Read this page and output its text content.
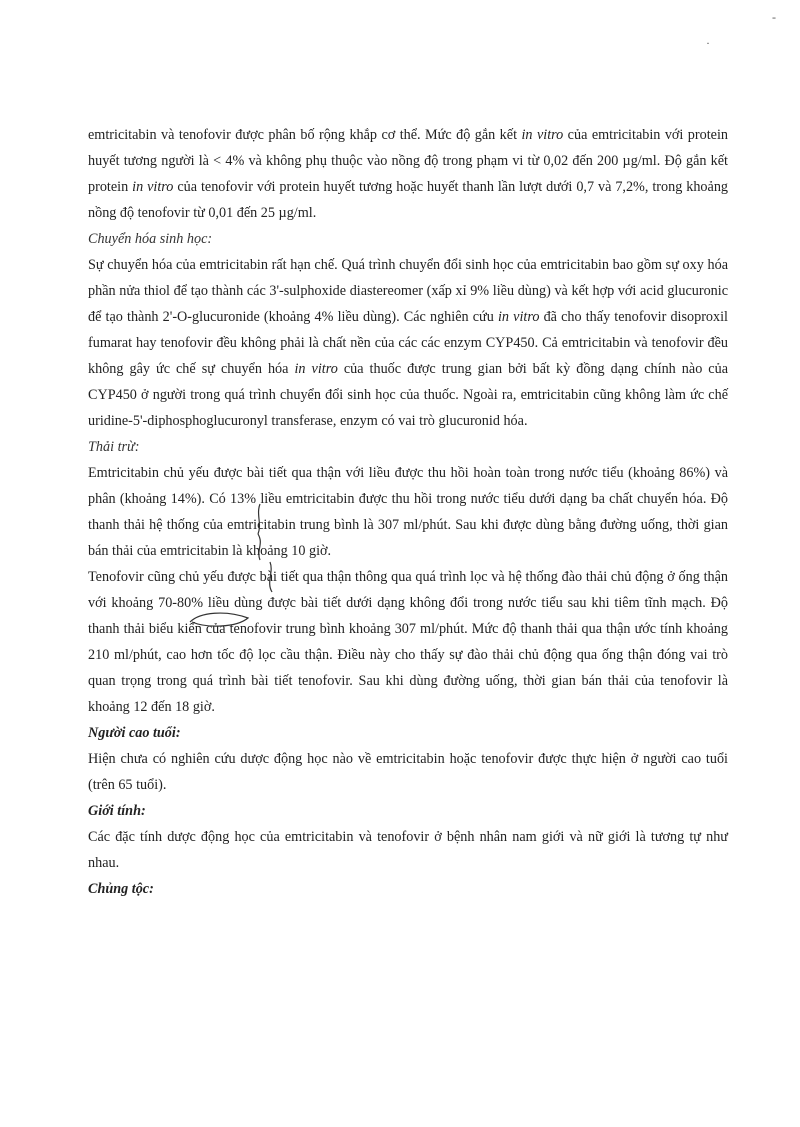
emtricitabin và tenofovir được phân bố rộng khắp cơ thể. Mức độ gắn kết in vitro của emtricitabin với protein huyết tương người là < 4% và không phụ thuộc vào nồng độ trong phạm vi từ 0,02 đến 200 µg/ml. Độ gắn kết protein in vitro của tenofovir với protein huyết tương hoặc huyết thanh lần lượt dưới 0,7 và 7,2%, trong khoảng nồng độ tenofovir từ 0,01 đến 25 µg/ml.

Chuyển hóa sinh học:

Sự chuyển hóa của emtricitabin rất hạn chế. Quá trình chuyển đổi sinh học của emtricitabin bao gồm sự oxy hóa phần nửa thiol để tạo thành các 3'-sulphoxide diastereomer (xấp xỉ 9% liều dùng) và kết hợp với acid glucuronic để tạo thành 2'-O-glucuronide (khoảng 4% liều dùng). Các nghiên cứu in vitro đã cho thấy tenofovir disoproxil fumarat hay tenofovir đều không phải là chất nền của các các enzym CYP450. Cả emtricitabin và tenofovir đều không gây ức chế sự chuyển hóa in vitro của thuốc được trung gian bởi bất kỳ đồng dạng chính nào của CYP450 ở người trong quá trình chuyển đổi sinh học của thuốc. Ngoài ra, emtricitabin cũng không làm ức chế uridine-5'-diphosphoglucuronyl transferase, enzym có vai trò glucuronid hóa.

Thải trừ:

Emtricitabin chủ yếu được bài tiết qua thận với liều được thu hồi hoàn toàn trong nước tiểu (khoảng 86%) và phân (khoảng 14%). Có 13% liều emtricitabin được thu hồi trong nước tiểu dưới dạng ba chất chuyển hóa. Độ thanh thải hệ thống của emtricitabin trung bình là 307 ml/phút. Sau khi được dùng bằng đường uống, thời gian bán thải của emtricitabin là khoảng 10 giờ.

Tenofovir cũng chủ yếu được bài tiết qua thận thông qua quá trình lọc và hệ thống đào thải chủ động ở ống thận với khoảng 70-80% liều dùng được bài tiết dưới dạng không đổi trong nước tiểu sau khi tiêm tĩnh mạch. Độ thanh thải biểu kiến của tenofovir trung bình khoảng 307 ml/phút. Mức độ thanh thải qua thận ước tính khoảng 210 ml/phút, cao hơn tốc độ lọc cầu thận. Điều này cho thấy sự đào thải chủ động qua ống thận đóng vai trò quan trọng trong quá trình bài tiết tenofovir. Sau khi dùng đường uống, thời gian bán thải của tenofovir là khoảng 12 đến 18 giờ.

Người cao tuổi:

Hiện chưa có nghiên cứu dược động học nào về emtricitabin hoặc tenofovir được thực hiện ở người cao tuổi (trên 65 tuổi).

Giới tính:

Các đặc tính dược động học của emtricitabin và tenofovir ở bệnh nhân nam giới và nữ giới là tương tự như nhau.

Chủng tộc:

-
·
